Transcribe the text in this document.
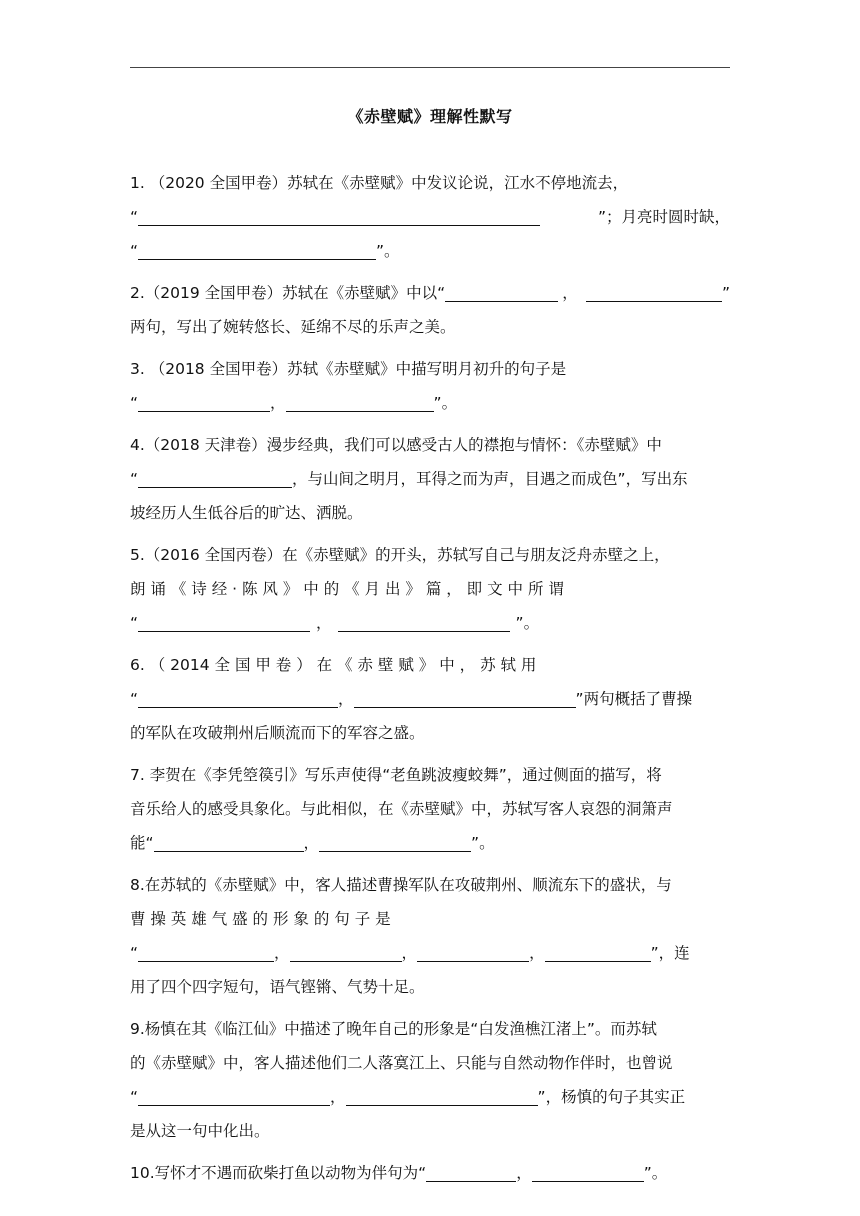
《赤壁赋》理解性默写
1. （2020 全国甲卷）苏轼在《赤壁赋》中发议论说，江水不停地流去，
“	”；月亮时圆时缺，
“	”。
2.（2019 全国甲卷）苏轼在《赤壁赋》中以“	，	”
两句，写出了婉转悠长、延绵不尽的乐声之美。
3. （2018 全国甲卷）苏轼《赤壁赋》中描写明月初升的句子是
“	，	”。
4.（2018 天津卷）漫步经典，我们可以感受古人的襟抱与情怀：《赤壁赋》中
“	，与山间之明月，耳得之而为声，目遇之而成色”，写出东
坡经历人生低谷后的旷达、洒脱。
5.（2016 全国丙卷）在《赤壁赋》的开头，苏轼写自己与朋友泛舟赤壁之上，
朗 诵 《 诗 经 · 陈 风 》 中 的 《 月 出 》 篇 ， 即 文 中 所 谓
“	，	”。
6. （ 2014 全 国 甲 卷 ） 在 《 赤 壁 赋 》 中 ， 苏 轼 用
“	，	”两句概括了曹操
的军队在攻破荆州后顺流而下的军容之盛。
7. 李贺在《李凭箜篌引》写乐声使得“老鱼跳波瘦蛟舞”，通过侧面的描写，将
音乐给人的感受具象化。与此相似，在《赤壁赋》中，苏轼写客人哀怨的洞箫声
能“	，	”。
8.在苏轼的《赤壁赋》中，客人描述曹操军队在攻破荆州、顺流东下的盛状，与
曹 操 英 雄 气 盛 的 形 象 的 句 子 是
“	，	，	，	”，连
用了四个四字短句，语气铿锵、气势十足。
9.杨慎在其《临江仙》中描述了晚年自己的形象是“白发渔樵江渚上”。而苏轼
的《赤壁赋》中，客人描述他们二人落寞江上、只能与自然动物作伴时，也曾说
“	，	”，杨慎的句子其实正
是从这一句中化出。
10.写怀才不遇而砍柴打鱼以动物为伴句为“	，	”。
